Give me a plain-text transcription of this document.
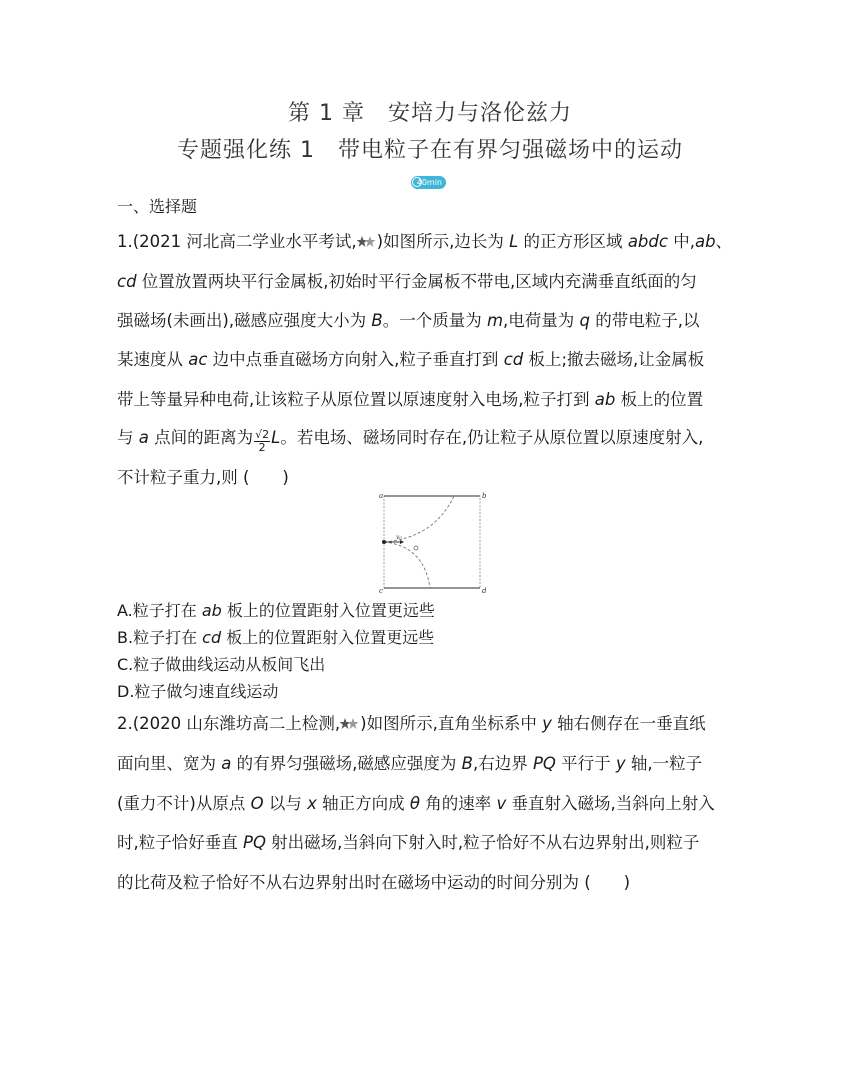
第 1 章　安培力与洛伦兹力
专题强化练 1　带电粒子在有界匀强磁场中的运动
40min
一、选择题
1.(2021 河北高二学业水平考试, )如图所示,边长为 L 的正方形区域 abdc 中,ab、
cd 位置放置两块平行金属板,初始时平行金属板不带电,区域内充满垂直纸面的匀
强磁场(未画出),磁感应强度大小为 B。一个质量为 m,电荷量为 q 的带电粒子,以
某速度从 ac 边中点垂直磁场方向射入,粒子垂直打到 cd 板上;撤去磁场,让金属板
带上等量异种电荷,让该粒子从原位置以原速度射入电场,粒子打到 ab 板上的位置
与 a 点间的距离为 $\frac{√2}{2}$ L。若电场、磁场同时存在,仍让粒子从原位置以原速度射入,
不计粒子重力,则 (　　)
a	b
c	d
v₀
A.粒子打在 ab 板上的位置距射入位置更远些
B.粒子打在 cd 板上的位置距射入位置更远些
C.粒子做曲线运动从板间飞出
D.粒子做匀速直线运动
2.(2020 山东潍坊高二上检测, )如图所示,直角坐标系中 y 轴右侧存在一垂直纸
面向里、宽为 a 的有界匀强磁场,磁感应强度为 B,右边界 PQ 平行于 y 轴,一粒子
(重力不计)从原点 O 以与 x 轴正方向成 θ 角的速率 v 垂直射入磁场,当斜向上射入
时,粒子恰好垂直 PQ 射出磁场,当斜向下射入时,粒子恰好不从右边界射出,则粒子
的比荷及粒子恰好不从右边界射出时在磁场中运动的时间分别为 (　　)
